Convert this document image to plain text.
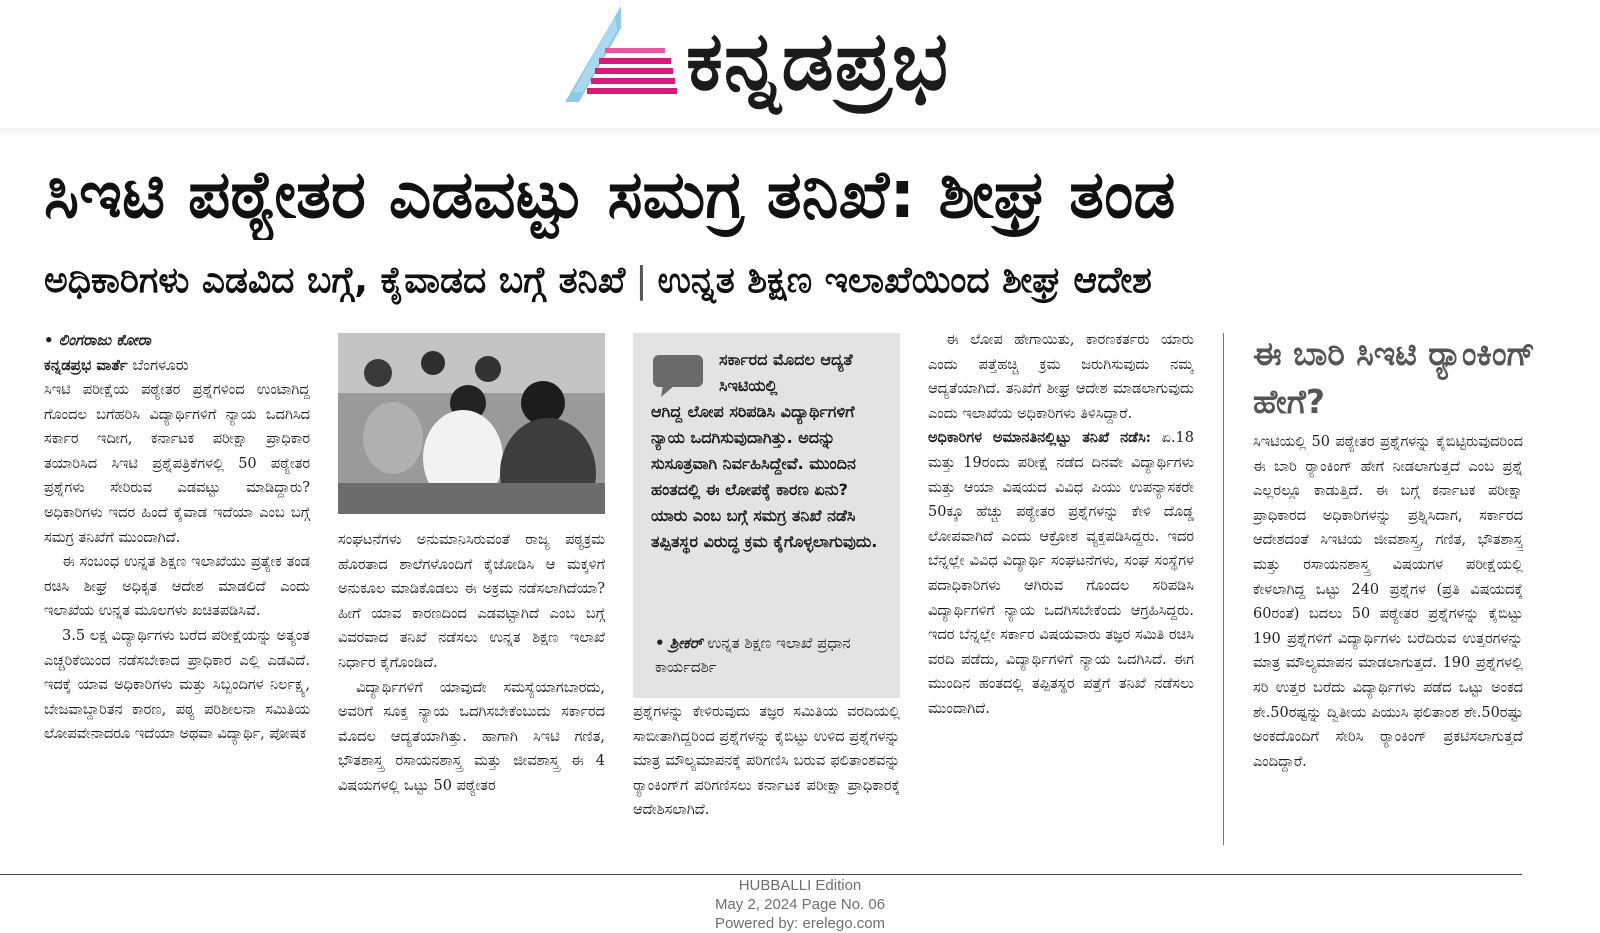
ಕನ್ನಡಪ್ರಭ
ಸಿಇಟಿ ಪಠ್ಯೇತರ ಎಡವಟ್ಟು ಸಮಗ್ರ ತನಿಖೆ: ಶೀಘ್ರ ತಂಡ
ಅಧಿಕಾರಿಗಳು ಎಡವಿದ ಬಗ್ಗೆ, ಕೈವಾಡದ ಬಗ್ಗೆ ತನಿಖೆ | ಉನ್ನತ ಶಿಕ್ಷಣ ಇಲಾಖೆಯಿಂದ ಶೀಘ್ರ ಆದೇಶ
• ಲಿಂಗರಾಜು ಕೋರಾ
ಕನ್ನಡಪ್ರಭ ವಾರ್ತೆ ಬೆಂಗಳೂರು

ಸಿಇಟಿ ಪರೀಕ್ಷೆಯ ಪಠ್ಯೇತರ ಪ್ರಶ್ನೆಗಳಿಂದ ಉಂಟಾಗಿದ್ದ ಗೊಂದಲ ಬಗೆಹರಿಸಿ ವಿದ್ಯಾರ್ಥಿಗಳಿಗೆ ನ್ಯಾಯ ಒದಗಿಸಿದ ಸರ್ಕಾರ ಇದೀಗ, ಕರ್ನಾಟಕ ಪರೀಕ್ಷಾ ಪ್ರಾಧಿಕಾರ ತಯಾರಿಸಿದ ಸಿಇಟಿ ಪ್ರಶ್ನೆಪತ್ರಿಕೆಗಳಲ್ಲಿ 50 ಪಠ್ಯೇತರ ಪ್ರಶ್ನೆಗಳು ಸೇರಿರುವ ಎಡವಟ್ಟು ಮಾಡಿದ್ದಾರು? ಅಧಿಕಾರಿಗಳು ಇದರ ಹಿಂದೆ ಕೈವಾಡ ಇದೆಯಾ ಎಂಬ ಬಗ್ಗೆ ಸಮಗ್ರ ತನಿಖೆಗೆ ಮುಂದಾಗಿದೆ.

ಈ ಸಂಬಂಧ ಉನ್ನತ ಶಿಕ್ಷಣ ಇಲಾಖೆಯು ಪ್ರತ್ಯೇಕ ತಂಡ ರಚಿಸಿ ಶೀಘ್ರ ಅಧಿಕೃತ ಆದೇಶ ಮಾಡಲಿದೆ ಎಂದು ಇಲಾಖೆಯ ಉನ್ನತ ಮೂಲಗಳು ಖಚಿತಪಡಿಸಿವೆ.

3.5 ಲಕ್ಷ ವಿದ್ಯಾರ್ಥಿಗಳು ಬರೆದ ಪರೀಕ್ಷೆಯನ್ನು ಅತ್ಯಂತ ಎಚ್ಚರಿಕೆಯಿಂದ ನಡೆಸಬೇಕಾದ ಪ್ರಾಧಿಕಾರ ಎಲ್ಲಿ ಎಡವಿದೆ. ಇದಕ್ಕೆ ಯಾವ ಅಧಿಕಾರಿಗಳು ಮತ್ತು ಸಿಬ್ಬಂದಿಗಳ ನಿರ್ಲಕ್ಷ್ಯ, ಬೇಜವಾಬ್ದಾರಿತನ ಕಾರಣ, ಪಠ್ಯ ಪರಿಶೀಲನಾ ಸಮಿತಿಯ ಲೋಪವೇನಾದರೂ ಇದೆಯಾ ಅಥವಾ ವಿದ್ಯಾರ್ಥಿ, ಪೋಷಕ

ಸಂಘಟನೆಗಳು ಅನುಮಾನಿಸಿರುವಂತೆ ರಾಜ್ಯ ಪಠ್ಯಕ್ರಮ ಹೊರತಾದ ಶಾಲೆಗಳೊಂದಿಗೆ ಕೈಜೋಡಿಸಿ ಆ ಮಕ್ಕಳಿಗೆ ಅನುಕೂಲ ಮಾಡಿಕೊಡಲು ಈ ಅಕ್ರಮ ನಡೆಸಲಾಗಿದೆಯಾ? ಹೀಗೆ ಯಾವ ಕಾರಣದಿಂದ ಎಡವಟ್ಟಾಗಿದೆ ಎಂಬ ಬಗ್ಗೆ ವಿವರವಾದ ತನಿಖೆ ನಡೆಸಲು ಉನ್ನತ ಶಿಕ್ಷಣ ಇಲಾಖೆ ನಿರ್ಧಾರ ಕೈಗೊಂಡಿದೆ.

ವಿದ್ಯಾರ್ಥಿಗಳಿಗೆ ಯಾವುದೇ ಸಮಸ್ಯೆಯಾಗಬಾರದು, ಅವರಿಗೆ ಸೂಕ್ತ ನ್ಯಾಯ ಒದಗಿಸಬೇಕೆಂಬುದು ಸರ್ಕಾರದ ಮೊದಲ ಆದ್ಯತೆಯಾಗಿತ್ತು. ಹಾಗಾಗಿ ಸಿಇಟಿ ಗಣಿತ, ಭೌತಶಾಸ್ತ್ರ ರಸಾಯನಶಾಸ್ತ್ರ ಮತ್ತು ಜೀವಶಾಸ್ತ್ರ ಈ 4 ವಿಷಯಗಳಲ್ಲಿ ಒಟ್ಟು 50 ಪಠ್ಯೇತರ

ಸರ್ಕಾರದ ಮೊದಲ ಆದ್ಯತೆ ಸಿಇಟಿಯಲ್ಲಿ
ಆಗಿದ್ದ ಲೋಪ ಸರಿಪಡಿಸಿ ವಿದ್ಯಾರ್ಥಿಗಳಿಗೆ ನ್ಯಾಯ ಒದಗಿಸುವುದಾಗಿತ್ತು. ಅದನ್ನು ಸುಸೂತ್ರವಾಗಿ ನಿರ್ವಹಿಸಿದ್ದೇವೆ. ಮುಂದಿನ ಹಂತದಲ್ಲಿ ಈ ಲೋಪಕ್ಕೆ ಕಾರಣ ಏನು? ಯಾರು ಎಂಬ ಬಗ್ಗೆ ಸಮಗ್ರ ತನಿಖೆ ನಡೆಸಿ ತಪ್ಪಿತಸ್ಥರ ವಿರುದ್ಧ ಕ್ರಮ ಕೈಗೊಳ್ಳಲಾಗುವುದು.
• ಶ್ರೀಕರ್ ಉನ್ನತ ಶಿಕ್ಷಣ ಇಲಾಖೆ ಪ್ರಧಾನ ಕಾರ್ಯದರ್ಶಿ

ಪ್ರಶ್ನೆಗಳನ್ನು ಕೇಳಿರುವುದು ತಜ್ಞರ ಸಮಿತಿಯ ವರದಿಯಲ್ಲಿ ಸಾಬೀತಾಗಿದ್ದರಿಂದ ಪ್ರಶ್ನೆಗಳನ್ನು ಕೈಬಿಟ್ಟು ಉಳಿದ ಪ್ರಶ್ನೆಗಳನ್ನು ಮಾತ್ರ ಮೌಲ್ಯಮಾಪನಕ್ಕೆ ಪರಿಗಣಿಸಿ ಬರುವ ಫಲಿತಾಂಶವನ್ನು ರ‍್ಯಾಂಕಿಂಗ್‌ಗೆ ಪರಿಗಣಿಸಲು ಕರ್ನಾಟಕ ಪರೀಕ್ಷಾ ಪ್ರಾಧಿಕಾರಕ್ಕೆ ಆದೇಶಿಸಲಾಗಿದೆ.

ಈ ಲೋಪ ಹೇಗಾಯಿತು, ಕಾರಣಕರ್ತರು ಯಾರು ಎಂದು ಪತ್ತೆಹಚ್ಚಿ ಕ್ರಮ ಜರುಗಿಸುವುದು ನಮ್ಮ ಆದ್ಯತೆಯಾಗಿದೆ. ತನಿಖೆಗೆ ಶೀಘ್ರ ಆದೇಶ ಮಾಡಲಾಗುವುದು ಎಂದು ಇಲಾಖೆಯ ಅಧಿಕಾರಿಗಳು ತಿಳಿಸಿದ್ದಾರೆ.

ಅಧಿಕಾರಿಗಳ ಅಮಾನತಿನಲ್ಲಿಟ್ಟು ತನಿಖೆ ನಡೆಸಿ: ಏ.18 ಮತ್ತು 19ರಂದು ಪರೀಕ್ಷೆ ನಡೆದ ದಿನವೇ ವಿದ್ಯಾರ್ಥಿಗಳು ಮತ್ತು ಆಯಾ ವಿಷಯದ ವಿವಿಧ ಪಿಯು ಉಪನ್ಯಾಸಕರೇ 50ಕ್ಕೂ ಹೆಚ್ಚು ಪಠ್ಯೇತರ ಪ್ರಶ್ನೆಗಳನ್ನು ಕೇಳಿ ದೊಡ್ಡ ಲೋಪವಾಗಿದೆ ಎಂದು ಆಕ್ರೋಶ ವ್ಯಕ್ತಪಡಿಸಿದ್ದರು. ಇದರ ಬೆನ್ನಲ್ಲೇ ವಿವಿಧ ವಿದ್ಯಾರ್ಥಿ ಸಂಘಟನೆಗಳು, ಸಂಘ ಸಂಸ್ಥೆಗಳ ಪದಾಧಿಕಾರಿಗಳು ಆಗಿರುವ ಗೊಂದಲ ಸರಿಪಡಿಸಿ ವಿದ್ಯಾರ್ಥಿಗಳಿಗೆ ನ್ಯಾಯ ಒದಗಿಸಬೇಕೆಂದು ಆಗ್ರಹಿಸಿದ್ದರು. ಇದರ ಬೆನ್ನಲ್ಲೇ ಸರ್ಕಾರ ವಿಷಯವಾರು ತಜ್ಞರ ಸಮಿತಿ ರಚಿಸಿ ವರದಿ ಪಡೆದು, ವಿದ್ಯಾರ್ಥಿಗಳಿಗೆ ನ್ಯಾಯ ಒದಗಿಸಿದೆ. ಈಗ ಮುಂದಿನ ಹಂತದಲ್ಲಿ ತಪ್ಪಿತಸ್ಥರ ಪತ್ತೆಗೆ ತನಿಖೆ ನಡೆಸಲು ಮುಂದಾಗಿದೆ.

ಈ ಬಾರಿ ಸಿಇಟಿ ರ‍್ಯಾಂಕಿಂಗ್ ಹೇಗೆ?

ಸಿಇಟಿಯಲ್ಲಿ 50 ಪಠ್ಯೇತರ ಪ್ರಶ್ನೆಗಳನ್ನು ಕೈಬಿಟ್ಟಿರುವುದರಿಂದ ಈ ಬಾರಿ ರ‍್ಯಾಂಕಿಂಗ್ ಹೇಗೆ ನೀಡಲಾಗುತ್ತದೆ ಎಂಬ ಪ್ರಶ್ನೆ ಎಲ್ಲರಲ್ಲೂ ಕಾಡುತ್ತಿದೆ. ಈ ಬಗ್ಗೆ ಕರ್ನಾಟಕ ಪರೀಕ್ಷಾ ಪ್ರಾಧಿಕಾರದ ಅಧಿಕಾರಿಗಳನ್ನು ಪ್ರಶ್ನಿಸಿದಾಗ, ಸರ್ಕಾರದ ಆದೇಶದಂತೆ ಸಿಇಟಿಯ ಜೀವಶಾಸ್ತ್ರ, ಗಣಿತ, ಭೌತಶಾಸ್ತ್ರ ಮತ್ತು ರಸಾಯನಶಾಸ್ತ್ರ ವಿಷಯಗಳ ಪರೀಕ್ಷೆಯಲ್ಲಿ ಕೇಳಲಾಗಿದ್ದ ಒಟ್ಟು 240 ಪ್ರಶ್ನೆಗಳ (ಪ್ರತಿ ವಿಷಯದಕ್ಕೆ 60ರಂತೆ) ಬದಲು 50 ಪಠ್ಯೇತರ ಪ್ರಶ್ನೆಗಳನ್ನು ಕೈಬಿಟ್ಟು 190 ಪ್ರಶ್ನೆಗಳಿಗೆ ವಿದ್ಯಾರ್ಥಿಗಳು ಬರೆದಿರುವ ಉತ್ತರಗಳನ್ನು ಮಾತ್ರ ಮೌಲ್ಯಮಾಪನ ಮಾಡಲಾಗುತ್ತದೆ. 190 ಪ್ರಶ್ನೆಗಳಲ್ಲಿ ಸರಿ ಉತ್ತರ ಬರೆದು ವಿದ್ಯಾರ್ಥಿಗಳು ಪಡೆದ ಒಟ್ಟು ಅಂಕದ ಶೇ.50ರಷ್ಟನ್ನು ದ್ವಿತೀಯ ಪಿಯುಸಿ ಫಲಿತಾಂಶ ಶೇ.50ರಷ್ಟು ಅಂಕದೊಂದಿಗೆ ಸೇರಿಸಿ ರ‍್ಯಾಂಕಿಂಗ್ ಪ್ರಕಟಿಸಲಾಗುತ್ತದೆ ಎಂದಿದ್ದಾರೆ.

HUBBALLI Edition
May 2, 2024 Page No. 06
Powered by: erelego.com
